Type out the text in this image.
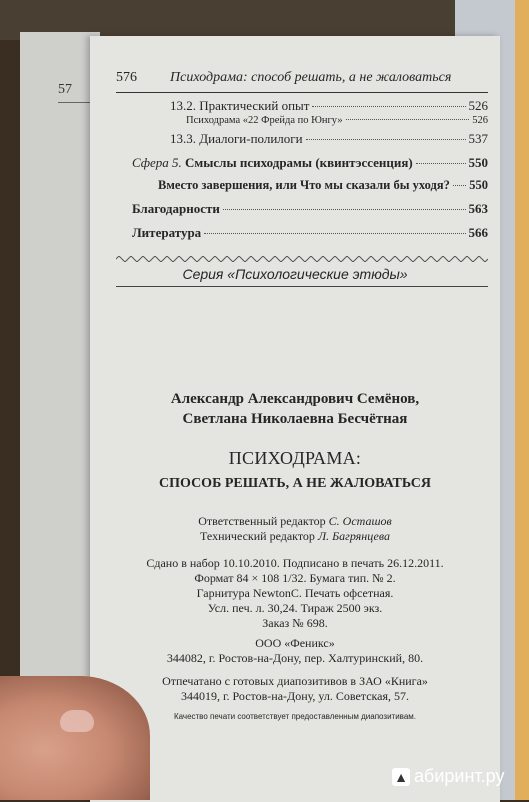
57
576 Психодрама: способ решать, а не жаловаться
13.2. Практический опыт	526
Психодрама «22 Фрейда по Юнгу»	526
13.3. Диалоги-полилоги	537
Сфера 5. Смыслы психодрамы (квинтэссенция)	550
Вместо завершения, или Что мы сказали бы уходя? 550
Благодарности	563
Литература	566
Серия «Психологические этюды»
Александр Александрович Семёнов,
Светлана Николаевна Бесчётная
ПСИХОДРАМА:
СПОСОБ РЕШАТЬ, А НЕ ЖАЛОВАТЬСЯ
Ответственный редактор С. Осташов
Технический редактор Л. Багрянцева
Сдано в набор 10.10.2010. Подписано в печать 26.12.2011.
Формат 84 × 108 1/32. Бумага тип. № 2.
Гарнитура NewtonC. Печать офсетная.
Усл. печ. л. 30,24. Тираж 2500 экз.
Заказ № 698.
ООО «Феникс»
344082, г. Ростов-на-Дону, пер. Халтуринский, 80.
Отпечатано с готовых диапозитивов в ЗАО «Книга»
344019, г. Ростов-на-Дону, ул. Советская, 57.
Качество печати соответствует предоставленным диапозитивам.
▲ абиринт.ру
